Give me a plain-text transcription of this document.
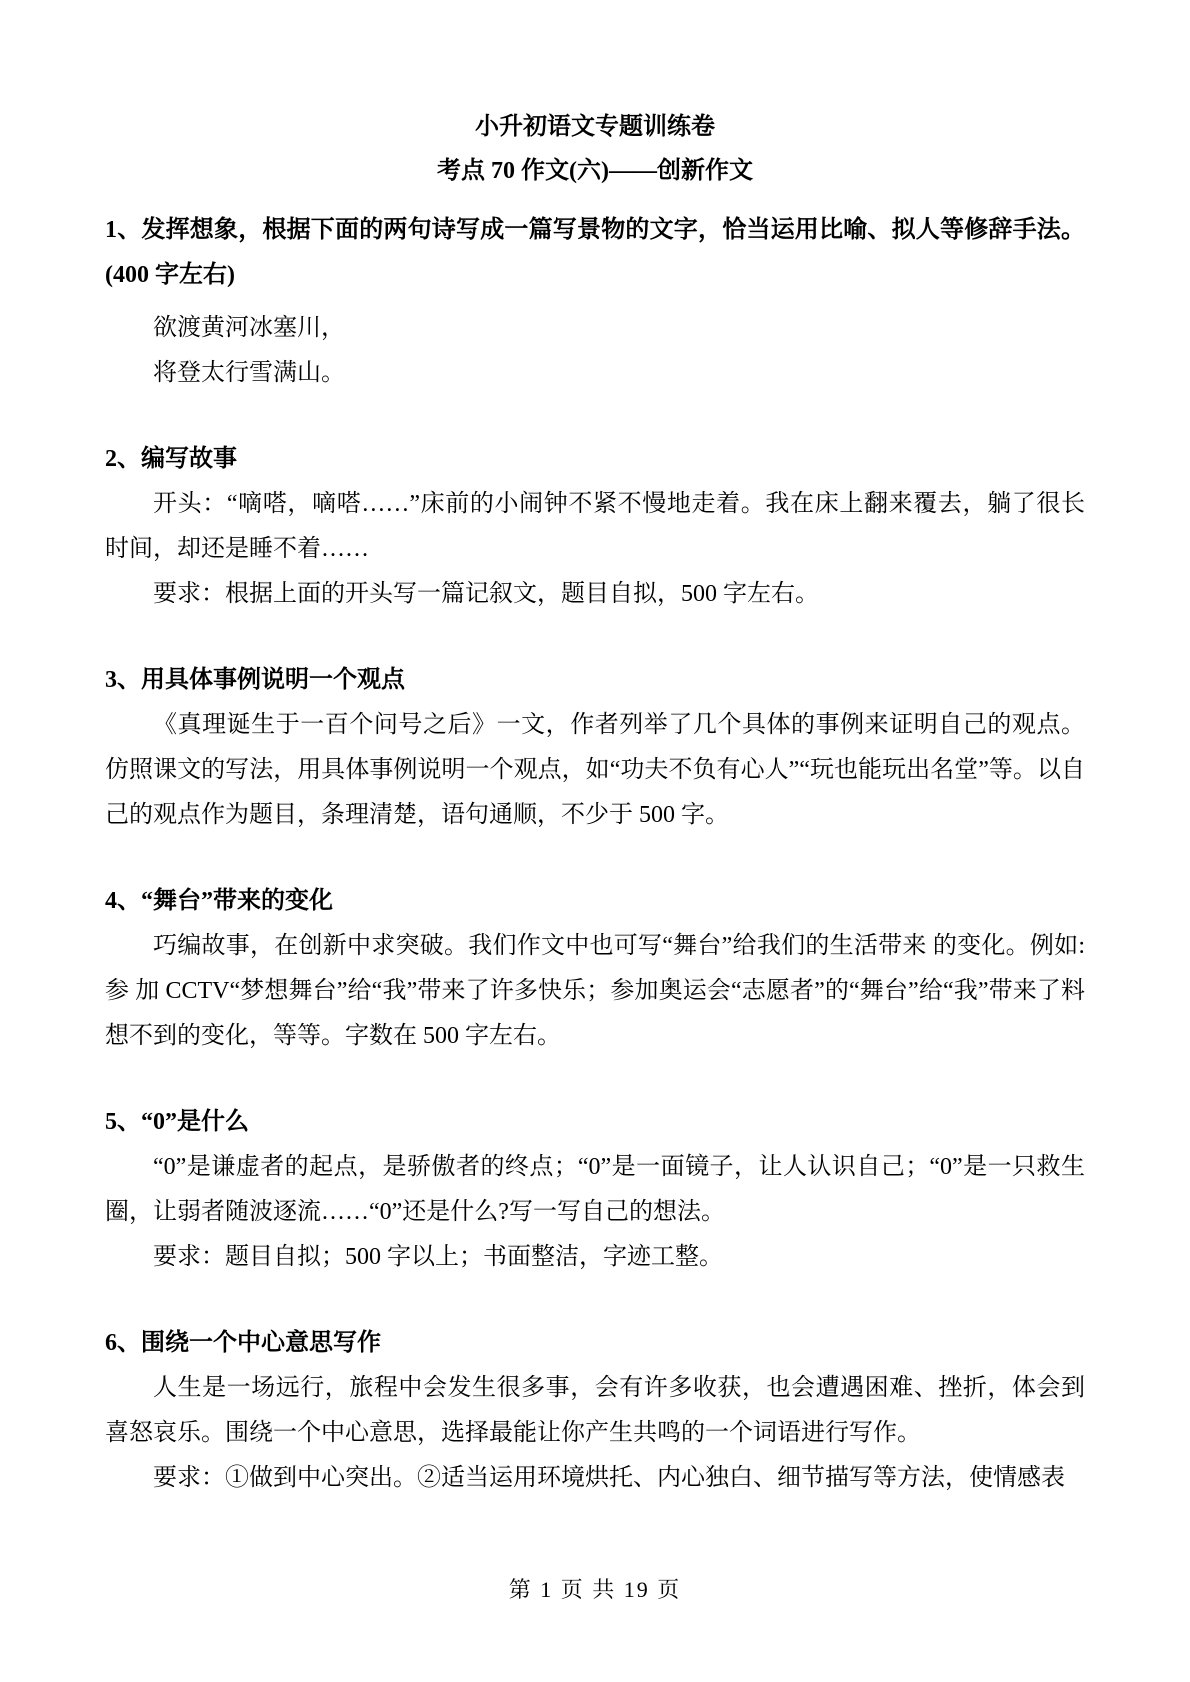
小升初语文专题训练卷
考点 70 作文(六)——创新作文

1、发挥想象，根据下面的两句诗写成一篇写景物的文字，恰当运用比喻、拟人等修辞手法。(400 字左右)

欲渡黄河冰塞川，

将登太行雪满山。

2、编写故事

开头：“嘀嗒，嘀嗒……”床前的小闹钟不紧不慢地走着。我在床上翻来覆去，躺了很长时间，却还是睡不着……

要求：根据上面的开头写一篇记叙文，题目自拟，500 字左右。

3、用具体事例说明一个观点

《真理诞生于一百个问号之后》一文，作者列举了几个具体的事例来证明自己的观点。仿照课文的写法，用具体事例说明一个观点，如“功夫不负有心人”“玩也能玩出名堂”等。以自己的观点作为题目，条理清楚，语句通顺，不少于 500 字。

4、“舞台”带来的变化

巧编故事，在创新中求突破。我们作文中也可写“舞台”给我们的生活带来 的变化。例如:参 加 CCTV“梦想舞台”给“我”带来了许多快乐；参加奥运会“志愿者”的“舞台”给“我”带来了料想不到的变化，等等。字数在 500 字左右。

5、“0”是什么

“0”是谦虚者的起点，是骄傲者的终点；“0”是一面镜子，让人认识自己；“0”是一只救生圈，让弱者随波逐流……“0”还是什么?写一写自己的想法。

要求：题目自拟；500 字以上；书面整洁，字迹工整。

6、围绕一个中心意思写作

人生是一场远行，旅程中会发生很多事，会有许多收获，也会遭遇困难、挫折，体会到喜怒哀乐。围绕一个中心意思，选择最能让你产生共鸣的一个词语进行写作。

要求：①做到中心突出。②适当运用环境烘托、内心独白、细节描写等方法，使情感表

第 1 页 共 19 页
